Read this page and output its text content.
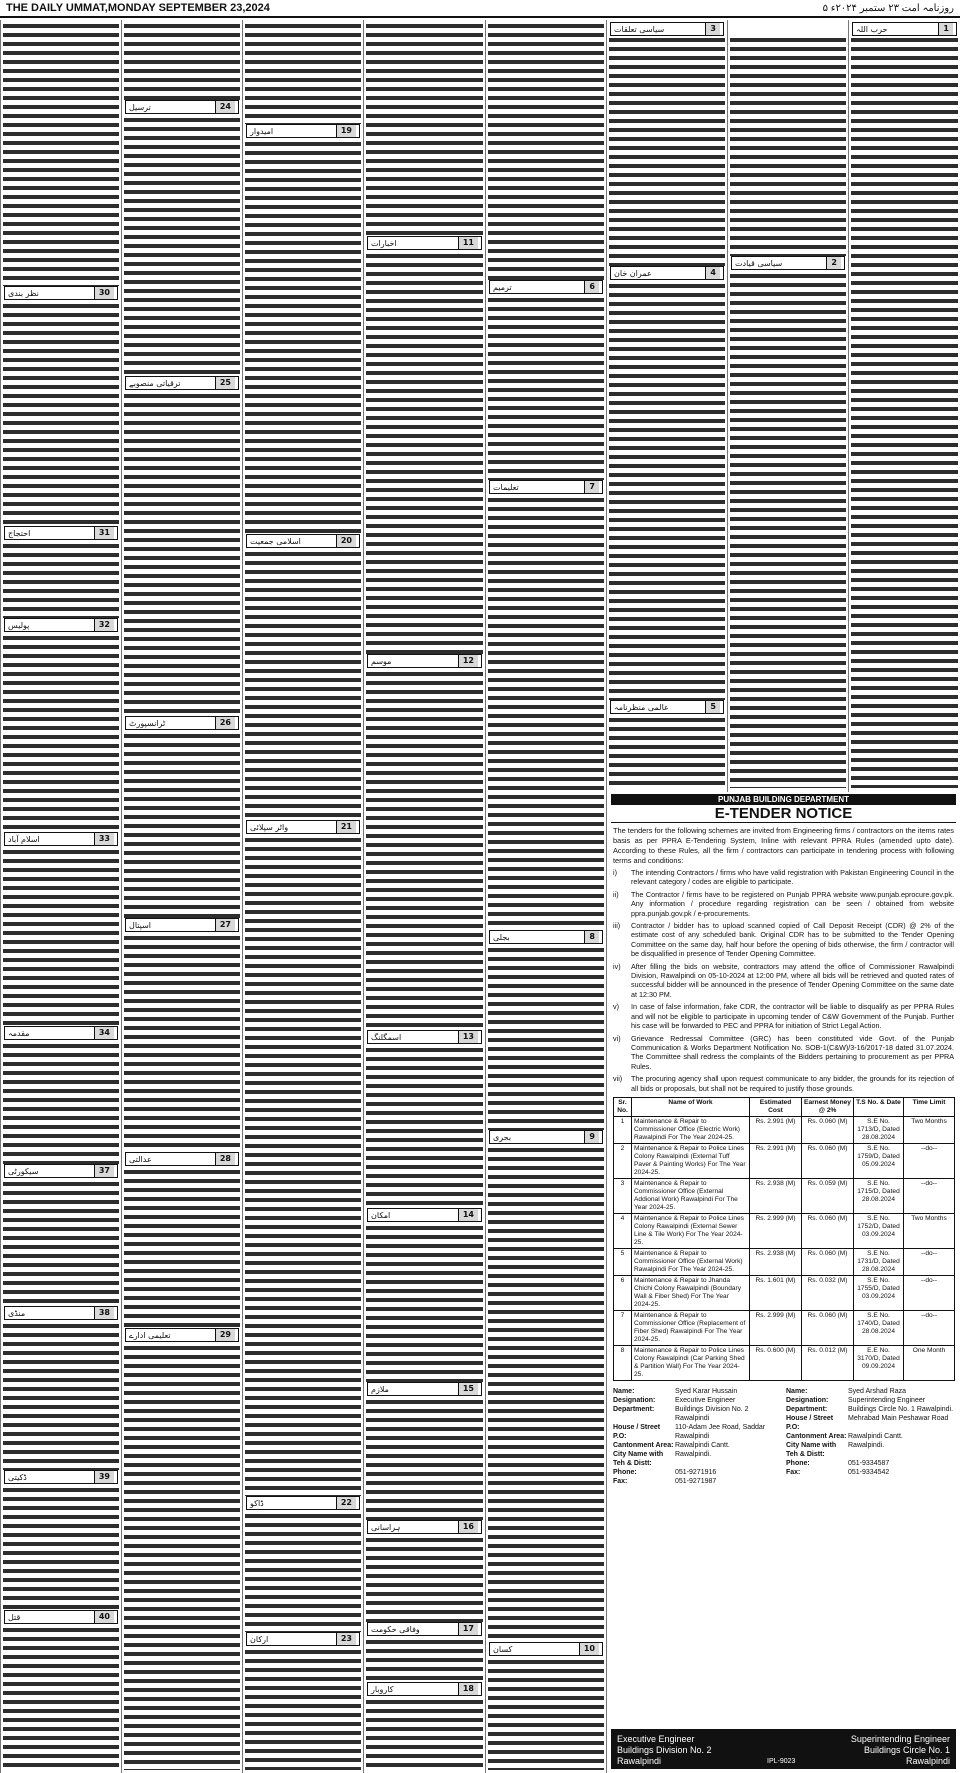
THE DAILY UMMAT,MONDAY SEPTEMBER 23,2024	۵ روزنامہ امت ۲۳ ستمبر ۲۰۲۴ء
حرب اللہ	1
سیاسی قیادت	2
سیاسی تعلقات	3
عمران خان	4
عالمی منظرنامہ	5
ترمیم	6
تعلیمات	7
بجلی	8
بحری	9
کسان	10
اخبارات	11
موسم	12
اسمگلنگ	13
امکان	14
ملازم	15
ہراسانی	16
وفاقی حکومت	17
کاروبار	18
امیدوار	19
اسلامی جمعیت	20
واٹر سپلائی	21
ڈاکو	22
ارکان	23
ترسیل	24
ترقیاتی منصوبے	25
ٹرانسپورٹ	26
اسپتال	27
عدالتی	28
تعلیمی ادارے	29
نظر بندی	30
احتجاج	31
پولیس	32
اسلام آباد	33
مقدمہ	34
سیکورٹی	37
منڈی	38
ڈکیتی	39
قتل	40
PUNJAB BUILDING DEPARTMENT
E-TENDER NOTICE
The tenders for the following schemes are invited from Engineering firms / contractors on the items rates basis as per PPRA E-Tendering System, Inline with relevant PPRA Rules (amended upto date). According to these Rules, all the firm / contractors can participate in tendering process with following terms and conditions:
i)	The intending Contractors / firms who have valid registration with Pakistan Engineering Council in the relevant category / codes are eligible to participate.
ii)	The Contractor / firms have to be registered on Punjab PPRA website www.punjab.eprocure.gov.pk. Any information / procedure regarding registration can be seen / obtained from website ppra.punjab.gov.pk / e-procurements.
iii)	Contractor / bidder has to upload scanned copied of Call Deposit Receipt (CDR) @ 2% of the estimate cost of any scheduled bank. Original CDR has to be submitted to the Tender Opening Committee on the same day, half hour before the opening of bids otherwise, the firm / contractor will be disqualified in presence of Tender Opening Committee.
iv)	After filling the bids on website, contractors may attend the office of Commissioner Rawalpindi Division, Rawalpindi on 05-10-2024 at 12:00 PM, where all bids will be retrieved and quoted rates of successful bidder will be announced in the presence of Tender Opening Committee on the same date at 12:30 PM.
v)	In case of false information, fake CDR, the contractor will be liable to disqualify as per PPRA Rules and will not be eligible to participate in upcoming tender of C&W Government of the Punjab. Further his case will be forwarded to PEC and PPRA for initiation of Strict Legal Action.
vi)	Grievance Redressal Committee (GRC) has been constituted vide Govt. of the Punjab Communication & Works Department Notification No. SOB-1(C&W)/3-16/2017-18 dated 31.07.2024. The Committee shall redress the complaints of the Bidders pertaining to procurement as per PPRA Rules.
vii)	The procuring agency shall upon request communicate to any bidder, the grounds for its rejection of all bids or proposals, but shall not be required to justify those grounds.
Sr. No.	Name of Work	Estimated Cost	Earnest Money @ 2%	T.S No. & Date	Time Limit
1	Maintenance & Repair to Commissioner Office (Electric Work) Rawalpindi For The Year 2024-25.	Rs. 2.991 (M)	Rs. 0.060 (M)	S.E No. 1713/D, Dated 28.08.2024	Two Months
2	Maintenance & Repair to Police Lines Colony Rawalpindi (External Tuff Paver & Painting Works) For The Year 2024-25.	Rs. 2.991 (M)	Rs. 0.060 (M)	S.E No. 1759/D, Dated 05.09.2024	--do--
3	Maintenance & Repair to Commissioner Office (External Addional Work) Rawalpindi For The Year 2024-25.	Rs. 2.938 (M)	Rs. 0.059 (M)	S.E No. 1715/D, Dated 28.08.2024	--do--
4	Maintenance & Repair to Police Lines Colony Rawalpindi (External Sewer Line & Tile Work) For The Year 2024-25.	Rs. 2.999 (M)	Rs. 0.060 (M)	S.E No. 1752/D, Dated 03.09.2024	Two Months
5	Maintenance & Repair to Commissioner Office (External Work) Rawalpindi For The Year 2024-25.	Rs. 2.938 (M)	Rs. 0.060 (M)	S.E No. 1731/D, Dated 28.08.2024	--do--
6	Maintenance & Repair to Jhanda Chichi Colony Rawalpindi (Boundary Wall & Fiber Shed) For The Year 2024-25.	Rs. 1.601 (M)	Rs. 0.032 (M)	S.E No. 1755/D, Dated 03.09.2024	--do--
7	Maintenance & Repair to Commissioner Office (Replacement of Fiber Shed) Rawalpindi For The Year 2024-25.	Rs. 2.999 (M)	Rs. 0.060 (M)	S.E No. 1740/D, Dated 28.08.2024	--do--
8	Maintenance & Repair to Police Lines Colony Rawalpindi (Car Parking Shed & Partition Wall) For The Year 2024-25.	Rs. 0.600 (M)	Rs. 0.012 (M)	E.E No. 3170/D, Dated 09.09.2024	One Month
Name:	Syed Karar Hussain
Designation:	Executive Engineer
Department:	Buildings Division No. 2 Rawalpindi
House / Street P.O:
110-Adam Jee Road, Saddar Rawalpindi
Cantonment Area: Rawalpindi Cantt.
City Name with Teh & Distt:
Rawalpindi.
Phone:	051-9271916
Fax:	051-9271987
Name:	Syed Arshad Raza
Designation:	Superintending Engineer
Department:	Buildings Circle No. 1 Rawalpindi.
House / Street P.O:
Mehrabad Main Peshawar Road
Cantonment Area: Rawalpindi Cantt.
City Name with Teh & Distt:
Rawalpindi.
Phone:	051-9334587
Fax:	051-9334542
Executive Engineer
Buildings Division No. 2
Rawalpindi	IPL-9023
Superintending Engineer
Buildings Circle No. 1
Rawalpindi
